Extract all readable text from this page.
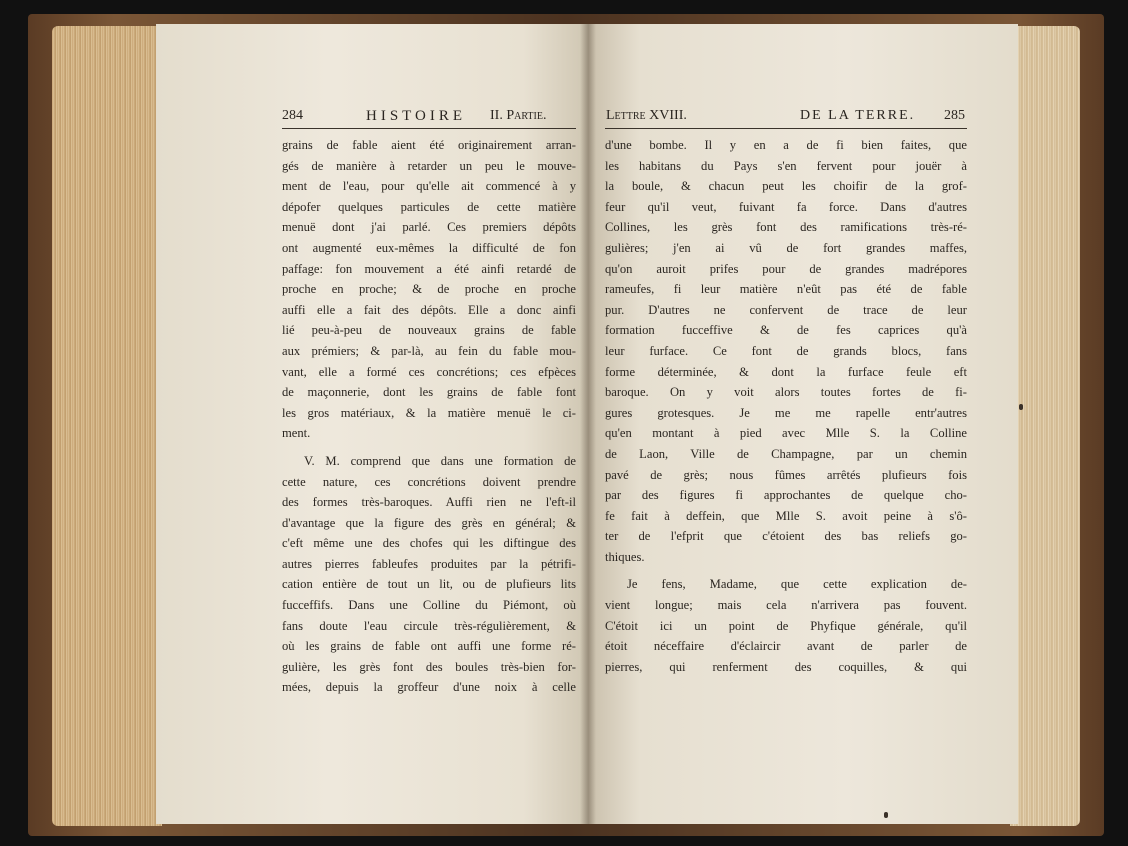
284	HISTOIRE II. Partie.	Lettre XVIII.	DE LA TERRE. 285
grains de fable aient été originairement arran-
gés de manière à retarder un peu le mouve-
ment de l'eau, pour qu'elle ait commencé à y
dépofer quelques particules de cette matière
menuë dont j'ai parlé. Ces premiers dépôts
ont augmenté eux-mêmes la difficulté de fon
paffage: fon mouvement a été ainfi retardé de
proche en proche; & de proche en proche
auffi elle a fait des dépôts. Elle a donc ainfi
lié peu-à-peu de nouveaux grains de fable
aux prémiers; & par-là, au fein du fable mou-
vant, elle a formé ces concrétions; ces efpèces
de maçonnerie, dont les grains de fable font
les gros matériaux, & la matière menuë le ci-
ment.
V. M. comprend que dans une formation de
cette nature, ces concrétions doivent prendre
des formes très-baroques. Auffi rien ne l'eft-il
d'avantage que la figure des grès en général; &
c'eft même une des chofes qui les diftingue des
autres pierres fableufes produites par la pétrifi-
cation entière de tout un lit, ou de plufieurs lits
fucceffifs. Dans une Colline du Piémont, où
fans doute l'eau circule très-régulièrement, &
où les grains de fable ont auffi une forme ré-
gulière, les grès font des boules très-bien for-
mées, depuis la groffeur d'une noix à celle
d'une bombe. Il y en a de fi bien faites, que
les habitans du Pays s'en fervent pour jouër à
la boule, & chacun peut les choifir de la grof-
feur qu'il veut, fuivant fa force. Dans d'autres
Collines, les grès font des ramifications très-ré-
gulières; j'en ai vû de fort grandes maffes,
qu'on auroit prifes pour de grandes madrépores
rameufes, fi leur matière n'eût pas été de fable
pur. D'autres ne confervent de trace de leur
formation fucceffive & de fes caprices qu'à
leur furface. Ce font de grands blocs, fans
forme déterminée, & dont la furface feule eft
baroque. On y voit alors toutes fortes de fi-
gures grotesques. Je me me rapelle entr'autres
qu'en montant à pied avec Mlle S. la Colline
de Laon, Ville de Champagne, par un chemin
pavé de grès; nous fûmes arrêtés plufieurs fois
par des figures fi approchantes de quelque cho-
fe fait à deffein, que Mlle S. avoit peine à s'ô-
ter de l'efprit que c'étoient des bas reliefs go-
thiques.
Je fens, Madame, que cette explication de-
vient longue; mais cela n'arrivera pas fouvent.
C'étoit ici un point de Phyfique générale, qu'il
étoit néceffaire d'éclaircir avant de parler de
pierres, qui renferment des coquilles, & qui
